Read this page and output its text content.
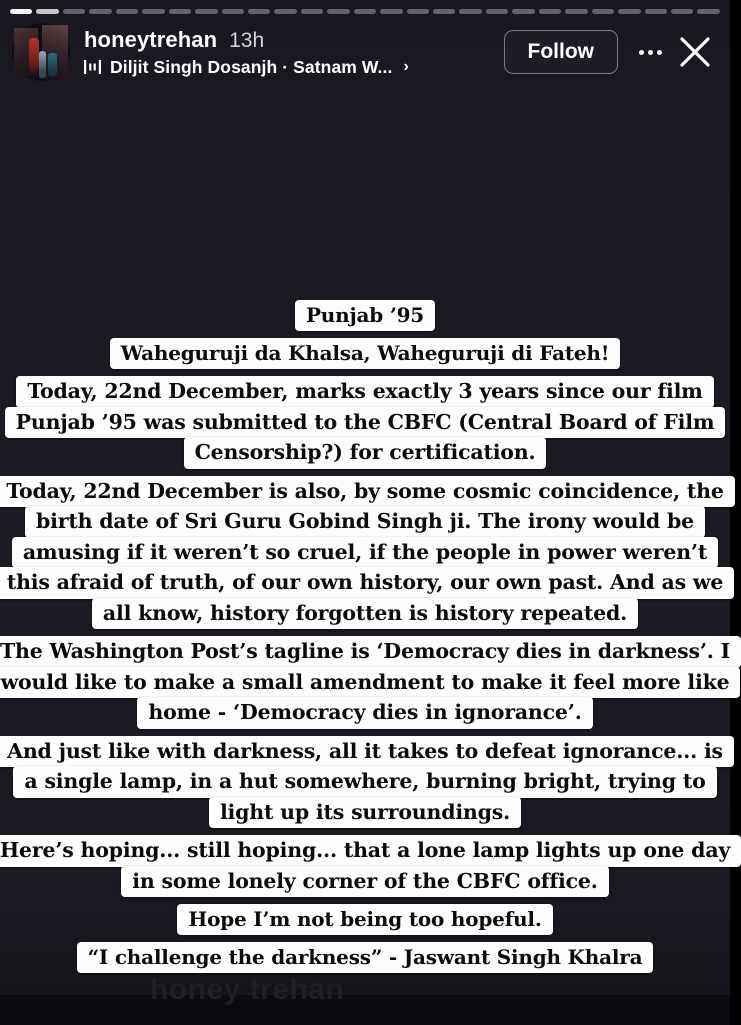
honeytrehan 13h
Diljit Singh Dosanjh · Satnam W... ›
Follow
Punjab ’95
Waheguruji da Khalsa, Waheguruji di Fateh!
Today, 22nd December, marks exactly 3 years since our film
Punjab ’95 was submitted to the CBFC (Central Board of Film
Censorship?) for certification.
Today, 22nd December is also, by some cosmic coincidence, the
birth date of Sri Guru Gobind Singh ji. The irony would be
amusing if it weren’t so cruel, if the people in power weren’t
this afraid of truth, of our own history, our own past. And as we
all know, history forgotten is history repeated.
The Washington Post’s tagline is ‘Democracy dies in darkness’. I
would like to make a small amendment to make it feel more like
home - ‘Democracy dies in ignorance’.
And just like with darkness, all it takes to defeat ignorance... is
a single lamp, in a hut somewhere, burning bright, trying to
light up its surroundings.
Here’s hoping... still hoping... that a lone lamp lights up one day
in some lonely corner of the CBFC office.
Hope I’m not being too hopeful.
“I challenge the darkness” - Jaswant Singh Khalra
honey trehan
